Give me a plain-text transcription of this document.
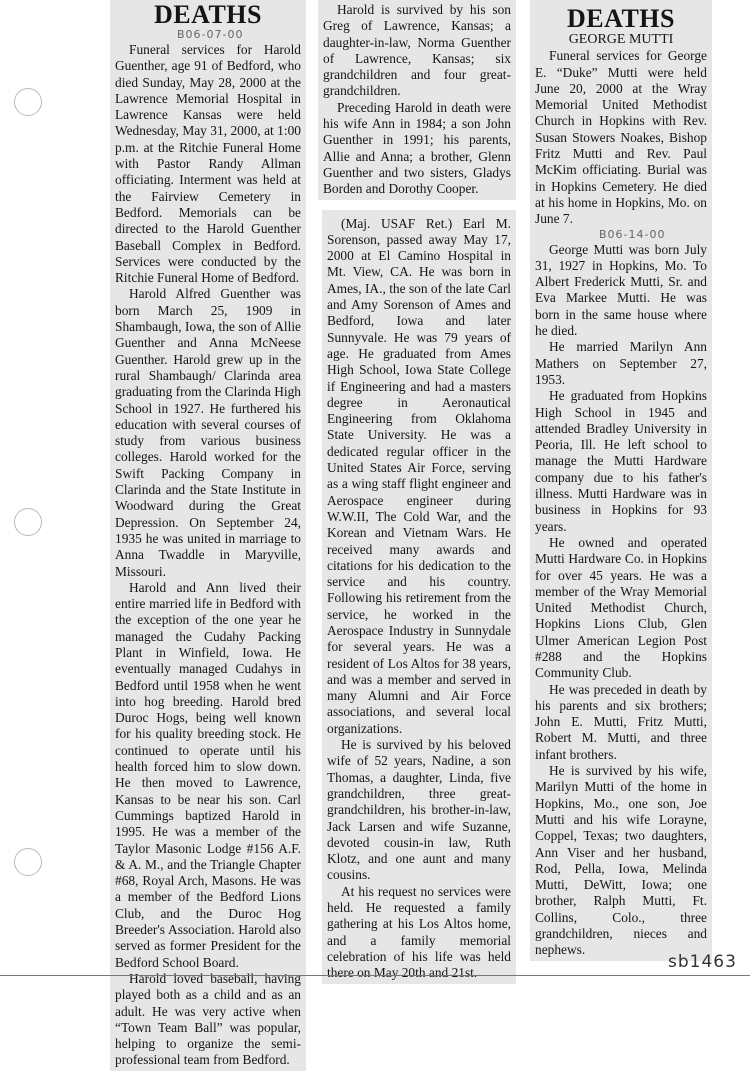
DEATHS
B06-07-00

Funeral services for Harold Guenther, age 91 of Bedford, who died Sunday, May 28, 2000 at the Lawrence Memorial Hospital in Lawrence Kansas were held Wednesday, May 31, 2000, at 1:00 p.m. at the Ritchie Funeral Home with Pastor Randy Allman officiating. Interment was held at the Fairview Cemetery in Bedford. Memorials can be directed to the Harold Guenther Baseball Complex in Bedford. Services were conducted by the Ritchie Funeral Home of Bedford.

Harold Alfred Guenther was born March 25, 1909 in Shambaugh, Iowa, the son of Allie Guenther and Anna McNeese Guenther. Harold grew up in the rural Shambaugh/ Clarinda area graduating from the Clarinda High School in 1927. He furthered his education with several courses of study from various business colleges. Harold worked for the Swift Packing Company in Clarinda and the State Institute in Woodward during the Great Depression. On September 24, 1935 he was united in marriage to Anna Twaddle in Maryville, Missouri.

Harold and Ann lived their entire married life in Bedford with the exception of the one year he managed the Cudahy Packing Plant in Winfield, Iowa. He eventually managed Cudahys in Bedford until 1958 when he went into hog breeding. Harold bred Duroc Hogs, being well known for his quality breeding stock. He continued to operate until his health forced him to slow down. He then moved to Lawrence, Kansas to be near his son. Carl Cummings baptized Harold in 1995. He was a member of the Taylor Masonic Lodge #156 A.F. & A. M., and the Triangle Chapter #68, Royal Arch, Masons. He was a member of the Bedford Lions Club, and the Duroc Hog Breeder's Association. Harold also served as former President for the Bedford School Board.

Harold loved baseball, having played both as a child and as an adult. He was very active when “Town Team Ball” was popular, helping to organize the semi-professional team from Bedford.

Harold is survived by his son Greg of Lawrence, Kansas; a daughter-in-law, Norma Guenther of Lawrence, Kansas; six grandchildren and four great-grandchildren.

Preceding Harold in death were his wife Ann in 1984; a son John Guenther in 1991; his parents, Allie and Anna; a brother, Glenn Guenther and two sisters, Gladys Borden and Dorothy Cooper.

(Maj. USAF Ret.) Earl M. Sorenson, passed away May 17, 2000 at El Camino Hospital in Mt. View, CA. He was born in Ames, IA., the son of the late Carl and Amy Sorenson of Ames and Bedford, Iowa and later Sunnyvale. He was 79 years of age. He graduated from Ames High School, Iowa State College if Engineering and had a masters degree in Aeronautical Engineering from Oklahoma State University. He was a dedicated regular officer in the United States Air Force, serving as a wing staff flight engineer and Aerospace engineer during W.W.II, The Cold War, and the Korean and Vietnam Wars. He received many awards and citations for his dedication to the service and his country. Following his retirement from the service, he worked in the Aerospace Industry in Sunnydale for several years. He was a resident of Los Altos for 38 years, and was a member and served in many Alumni and Air Force associations, and several local organizations.

He is survived by his beloved wife of 52 years, Nadine, a son Thomas, a daughter, Linda, five grandchildren, three great-grandchildren, his brother-in-law, Jack Larsen and wife Suzanne, devoted cousin-in law, Ruth Klotz, and one aunt and many cousins.

At his request no services were held. He requested a family gathering at his Los Altos home, and a family memorial celebration of his life was held there on May 20th and 21st.

DEATHS
GEORGE MUTTI

Funeral services for George E. “Duke” Mutti were held June 20, 2000 at the Wray Memorial United Methodist Church in Hopkins with Rev. Susan Stowers Noakes, Bishop Fritz Mutti and Rev. Paul McKim officiating. Burial was in Hopkins Cemetery. He died at his home in Hopkins, Mo. on June 7.

B06-14-00

George Mutti was born July 31, 1927 in Hopkins, Mo. To Albert Frederick Mutti, Sr. and Eva Markee Mutti. He was born in the same house where he died.

He married Marilyn Ann Mathers on September 27, 1953.

He graduated from Hopkins High School in 1945 and attended Bradley University in Peoria, Ill. He left school to manage the Mutti Hardware company due to his father's illness. Mutti Hardware was in business in Hopkins for 93 years.

He owned and operated Mutti Hardware Co. in Hopkins for over 45 years. He was a member of the Wray Memorial United Methodist Church, Hopkins Lions Club, Glen Ulmer American Legion Post #288 and the Hopkins Community Club.

He was preceded in death by his parents and six brothers; John E. Mutti, Fritz Mutti, Robert M. Mutti, and three infant brothers.

He is survived by his wife, Marilyn Mutti of the home in Hopkins, Mo., one son, Joe Mutti and his wife Lorayne, Coppel, Texas; two daughters, Ann Viser and her husband, Rod, Pella, Iowa, Melinda Mutti, DeWitt, Iowa; one brother, Ralph Mutti, Ft. Collins, Colo., three grandchildren, nieces and nephews.

sb1463
